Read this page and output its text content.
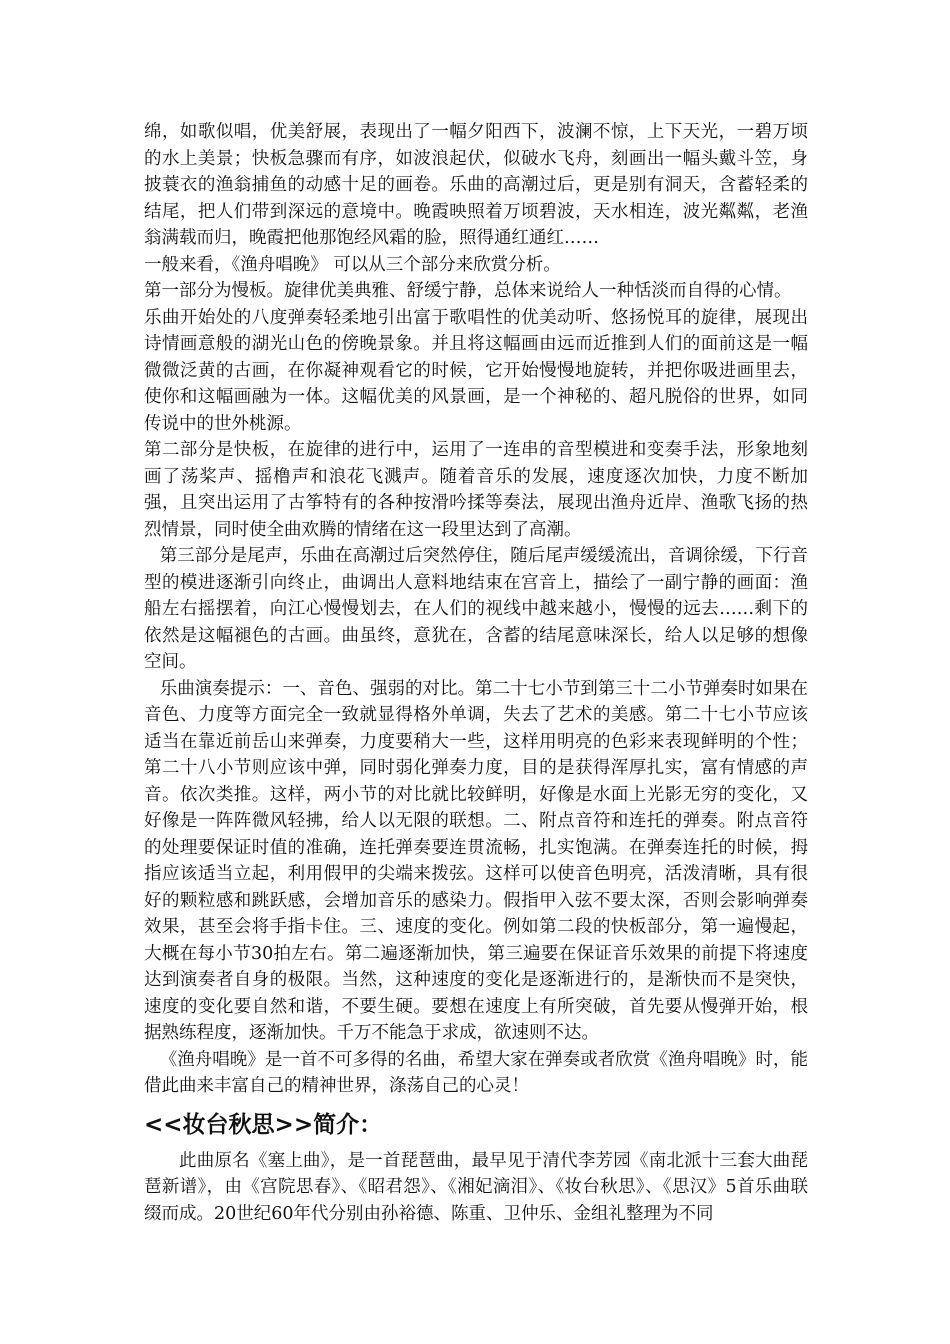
绵，如歌似唱，优美舒展，表现出了一幅夕阳西下，波澜不惊，上下天光，一碧万顷的水上美景；快板急骤而有序，如波浪起伏，似破水飞舟，刻画出一幅头戴斗笠，身披蓑衣的渔翁捕鱼的动感十足的画卷。乐曲的高潮过后，更是别有洞天，含蓄轻柔的结尾，把人们带到深远的意境中。晚霞映照着万顷碧波，天水相连，波光粼粼，老渔翁满载而归，晚霞把他那饱经风霜的脸，照得通红通红……

一般来看，《渔舟唱晚》 可以从三个部分来欣赏分析。

第一部分为慢板。旋律优美典雅、舒缓宁静，总体来说给人一种恬淡而自得的心情。

乐曲开始处的八度弹奏轻柔地引出富于歌唱性的优美动听、悠扬悦耳的旋律，展现出诗情画意般的湖光山色的傍晚景象。并且将这幅画由远而近推到人们的面前这是一幅微微泛黄的古画，在你凝神观看它的时候，它开始慢慢地旋转，并把你吸进画里去，使你和这幅画融为一体。这幅优美的风景画，是一个神秘的、超凡脱俗的世界，如同传说中的世外桃源。

第二部分是快板，在旋律的进行中，运用了一连串的音型模进和变奏手法，形象地刻画了荡桨声、摇橹声和浪花飞溅声。随着音乐的发展，速度逐次加快，力度不断加强，且突出运用了古筝特有的各种按滑吟揉等奏法，展现出渔舟近岸、渔歌飞扬的热烈情景，同时使全曲欢腾的情绪在这一段里达到了高潮。

第三部分是尾声，乐曲在高潮过后突然停住，随后尾声缓缓流出，音调徐缓，下行音型的模进逐渐引向终止，曲调出人意料地结束在宫音上，描绘了一副宁静的画面：渔船左右摇摆着，向江心慢慢划去，在人们的视线中越来越小，慢慢的远去……剩下的依然是这幅褪色的古画。曲虽终，意犹在，含蓄的结尾意味深长，给人以足够的想像空间。

乐曲演奏提示：一、音色、强弱的对比。第二十七小节到第三十二小节弹奏时如果在音色、力度等方面完全一致就显得格外单调，失去了艺术的美感。第二十七小节应该适当在靠近前岳山来弹奏，力度要稍大一些，这样用明亮的色彩来表现鲜明的个性；第二十八小节则应该中弹，同时弱化弹奏力度，目的是获得浑厚扎实，富有情感的声音。依次类推。这样，两小节的对比就比较鲜明，好像是水面上光影无穷的变化，又好像是一阵阵微风轻拂，给人以无限的联想。二、附点音符和连托的弹奏。附点音符的处理要保证时值的准确，连托弹奏要连贯流畅，扎实饱满。在弹奏连托的时候，拇指应该适当立起，利用假甲的尖端来拨弦。这样可以使音色明亮，活泼清晰，具有很好的颗粒感和跳跃感，会增加音乐的感染力。假指甲入弦不要太深，否则会影响弹奏效果，甚至会将手指卡住。三、速度的变化。例如第二段的快板部分，第一遍慢起，大概在每小节30拍左右。第二遍逐渐加快，第三遍要在保证音乐效果的前提下将速度达到演奏者自身的极限。当然，这种速度的变化是逐渐进行的，是渐快而不是突快，速度的变化要自然和谐，不要生硬。要想在速度上有所突破，首先要从慢弹开始，根据熟练程度，逐渐加快。千万不能急于求成，欲速则不达。

《渔舟唱晚》是一首不可多得的名曲，希望大家在弹奏或者欣赏《渔舟唱晚》时，能借此曲来丰富自己的精神世界，涤荡自己的心灵！

<<妆台秋思>>简介：

此曲原名《塞上曲》，是一首琵琶曲，最早见于清代李芳园《南北派十三套大曲琵琶新谱》，由《宫院思春》、《昭君怨》、《湘妃滴泪》、《妆台秋思》、《思汉》5首乐曲联缀而成。20世纪60年代分别由孙裕德、陈重、卫仲乐、金组礼整理为不同
